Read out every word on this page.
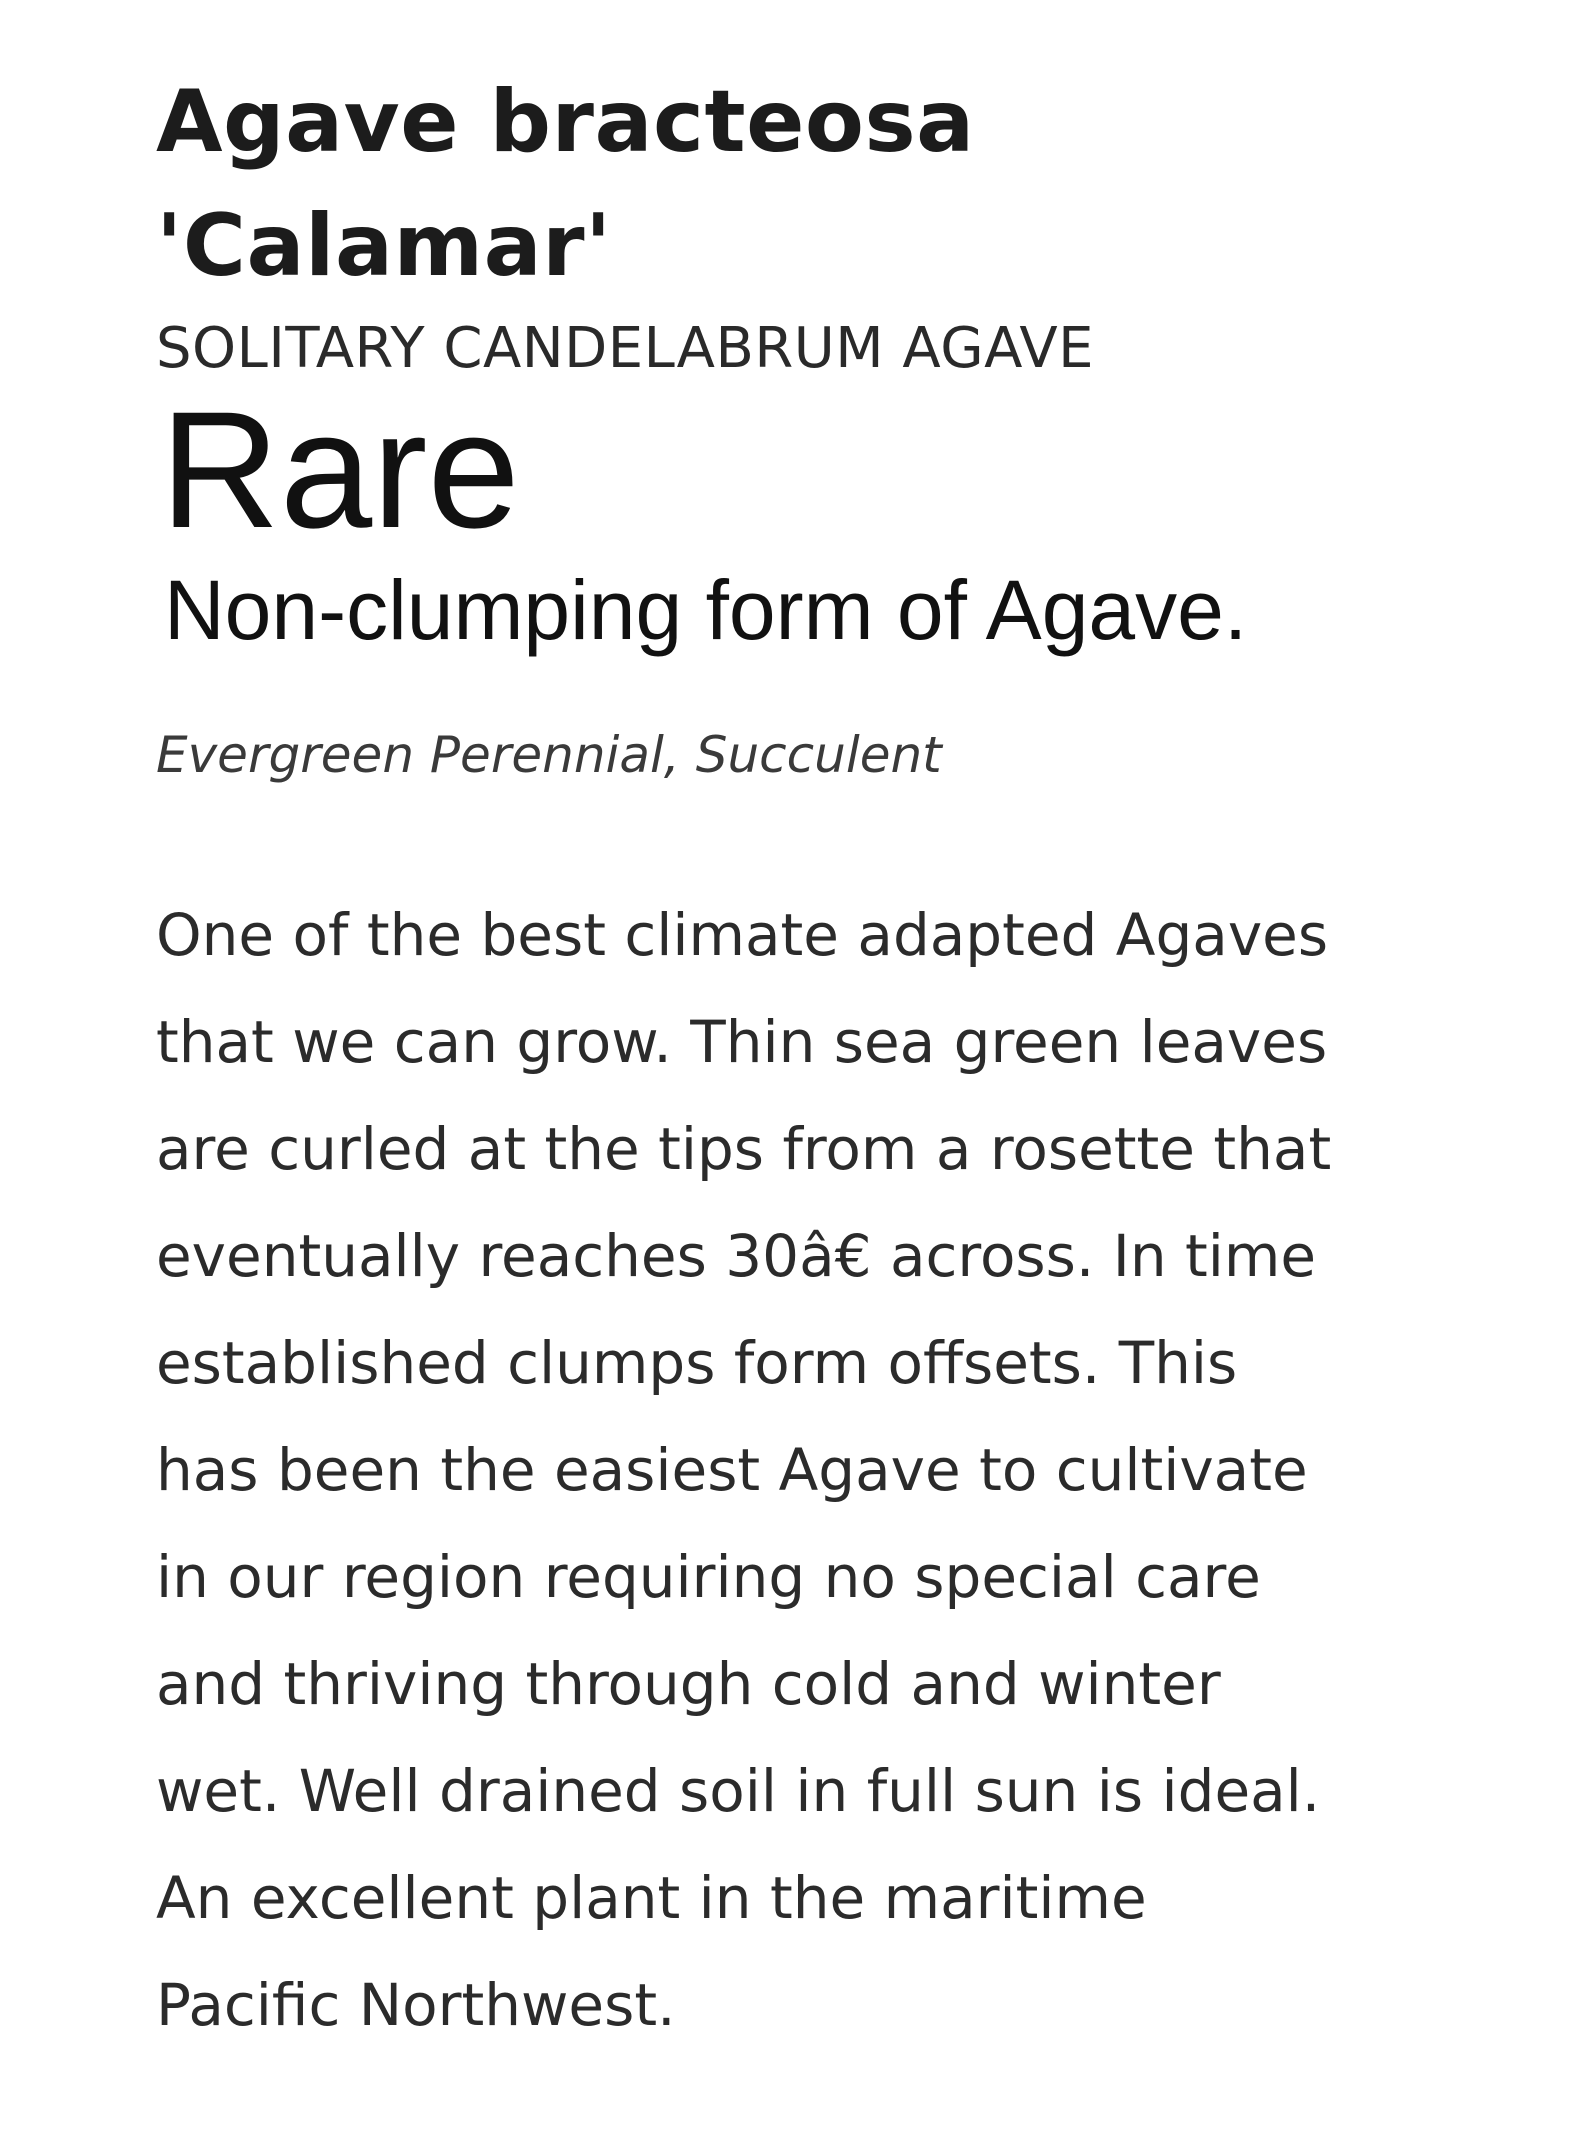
Agave bracteosa
'Calamar'
SOLITARY CANDELABRUM AGAVE
Rare
Non-clumping form of Agave.
Evergreen Perennial, Succulent
One of the best climate adapted Agaves
that we can grow. Thin sea green leaves
are curled at the tips from a rosette that
eventually reaches 30â€ across. In time
established clumps form offsets. This
has been the easiest Agave to cultivate
in our region requiring no special care
and thriving through cold and winter
wet. Well drained soil in full sun is ideal.
An excellent plant in the maritime
Pacific Northwest.
